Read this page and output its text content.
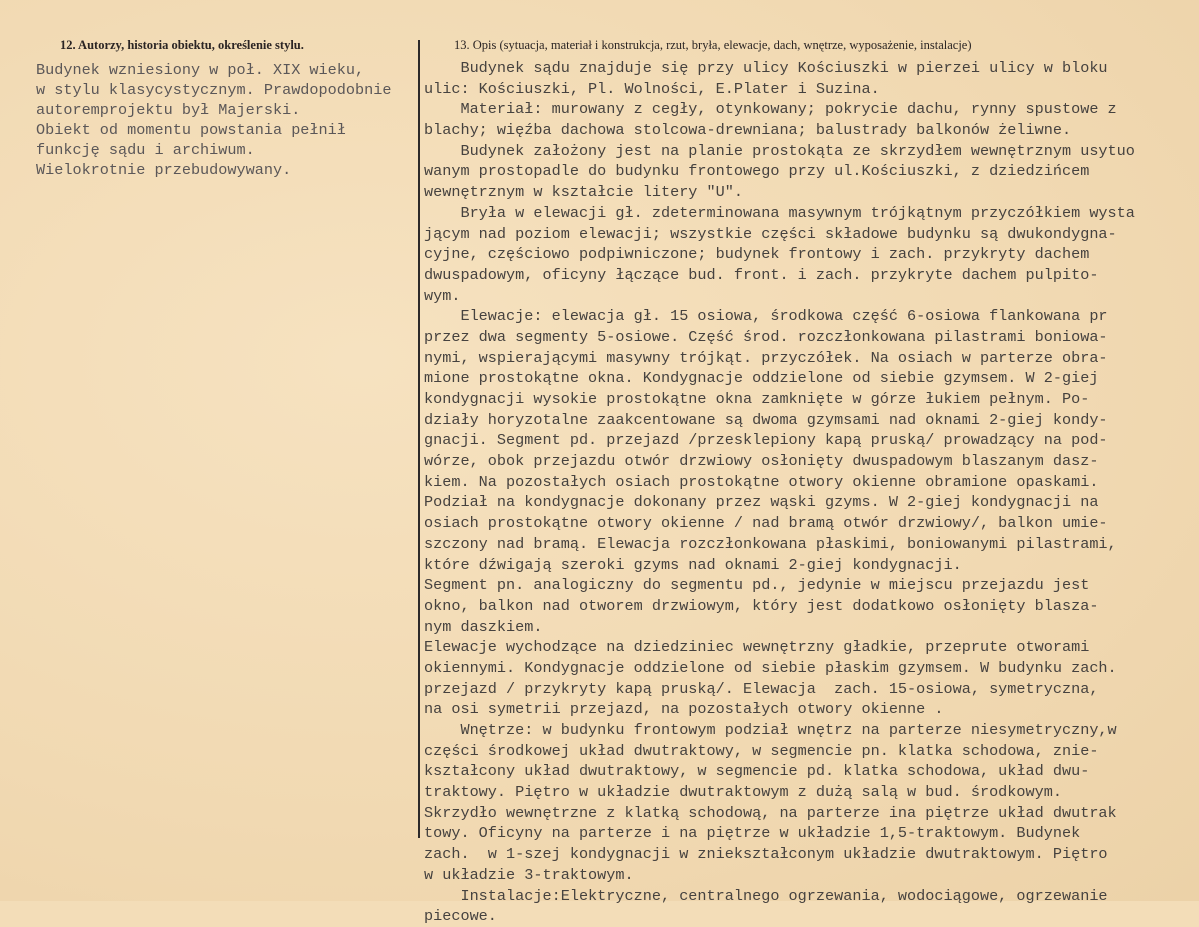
12. Autorzy, historia obiektu, określenie stylu.	13. Opis (sytuacja, materiał i konstrukcja, rzut, bryła, elewacje, dach, wnętrze, wyposażenie, instalacje)
Budynek wzniesiony w poł. XIX wieku,
w stylu klasycystycznym. Prawdopodobnie
autoremprojektu był Majerski.
Obiekt od momentu powstania pełnił
funkcję sądu i archiwum.
Wielokrotnie przebudowywany.
Budynek sądu znajduje się przy ulicy Kościuszki w pierzei ulicy w bloku
ulic: Kościuszki, Pl. Wolności, E.Plater i Suzina.
Materiał: murowany z cegły, otynkowany; pokrycie dachu, rynny spustowe z
blachy; więźba dachowa stolcowa-drewniana; balustrady balkonów żeliwne.
Budynek założony jest na planie prostokąta ze skrzydłem wewnętrznym usytuo
wanym prostopadle do budynku frontowego przy ul.Kościuszki, z dziedzińcem
wewnętrznym w kształcie litery "U".
Bryła w elewacji gł. zdeterminowana masywnym trójkątnym przyczółkiem wysta
jącym nad poziom elewacji; wszystkie części składowe budynku są dwukondygna-
cyjne, częściowo podpiwniczone; budynek frontowy i zach. przykryty dachem
dwuspadowym, oficyny łączące bud. front. i zach. przykryte dachem pulpito-
wym.
Elewacje: elewacja gł. 15 osiowa, środkowa część 6-osiowa flankowana pr
przez dwa segmenty 5-osiowe. Część środ. rozczłonkowana pilastrami boniowa-
nymi, wspierającymi masywny trójkąt. przyczółek. Na osiach w parterze obra-
mione prostokątne okna. Kondygnacje oddzielone od siebie gzymsem. W 2-giej
kondygnacji wysokie prostokątne okna zamknięte w górze łukiem pełnym. Po-
działy horyzotalne zaakcentowane są dwoma gzymsami nad oknami 2-giej kondy-
gnacji. Segment pd. przejazd /przesklepiony kapą pruską/ prowadzący na pod-
wórze, obok przejazdu otwór drzwiowy osłonięty dwuspadowym blaszanym dasz-
kiem. Na pozostałych osiach prostokątne otwory okienne obramione opaskami.
Podział na kondygnacje dokonany przez wąski gzyms. W 2-giej kondygnacji na
osiach prostokątne otwory okienne / nad bramą otwór drzwiowy/, balkon umie-
szczony nad bramą. Elewacja rozczłonkowana płaskimi, boniowanymi pilastrami,
które dźwigają szeroki gzyms nad oknami 2-giej kondygnacji.
Segment pn. analogiczny do segmentu pd., jedynie w miejscu przejazdu jest
okno, balkon nad otworem drzwiowym, który jest dodatkowo osłonięty blasza-
nym daszkiem.
Elewacje wychodzące na dziedziniec wewnętrzny gładkie, przeprute otworami
okiennymi. Kondygnacje oddzielone od siebie płaskim gzymsem. W budynku zach.
przejazd / przykryty kapą pruską/. Elewacja  zach. 15-osiowa, symetryczna,
na osi symetrii przejazd, na pozostałych otwory okienne .
Wnętrze: w budynku frontowym podział wnętrz na parterze niesymetryczny,w
części środkowej układ dwutraktowy, w segmencie pn. klatka schodowa, znie-
kształcony układ dwutraktowy, w segmencie pd. klatka schodowa, układ dwu-
traktowy. Piętro w układzie dwutraktowym z dużą salą w bud. środkowym.
Skrzydło wewnętrzne z klatką schodową, na parterze ina piętrze układ dwutrak
towy. Oficyny na parterze i na piętrze w układzie 1,5-traktowym. Budynek
zach.  w 1-szej kondygnacji w zniekształconym układzie dwutraktowym. Piętro
w układzie 3-traktowym.
Instalacje:Elektryczne, centralnego ogrzewania, wodociągowe, ogrzewanie
piecowe.
